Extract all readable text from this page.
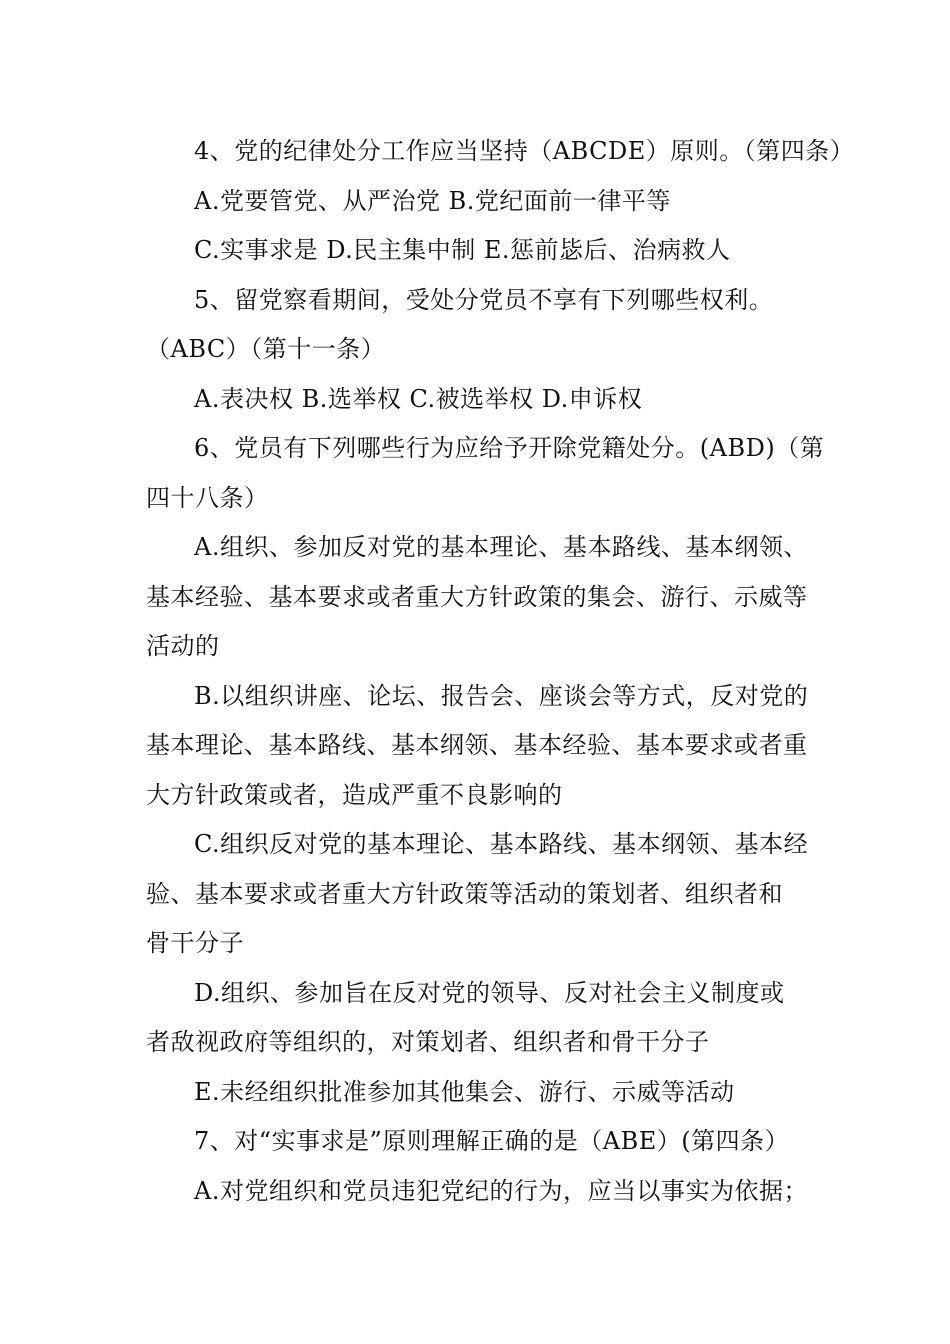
4、党的纪律处分工作应当坚持（ABCDE）原则。（第四条）
A.党要管党、从严治党 B.党纪面前一律平等
C.实事求是 D.民主集中制 E.惩前毖后、治病救人
5、留党察看期间，受处分党员不享有下列哪些权利。
（ABC）（第十一条）
A.表决权 B.选举权 C.被选举权 D.申诉权
6、党员有下列哪些行为应给予开除党籍处分。(ABD)（第
四十八条）
A.组织、参加反对党的基本理论、基本路线、基本纲领、
基本经验、基本要求或者重大方针政策的集会、游行、示威等
活动的
B.以组织讲座、论坛、报告会、座谈会等方式，反对党的
基本理论、基本路线、基本纲领、基本经验、基本要求或者重
大方针政策或者，造成严重不良影响的
C.组织反对党的基本理论、基本路线、基本纲领、基本经
验、基本要求或者重大方针政策等活动的策划者、组织者和
骨干分子
D.组织、参加旨在反对党的领导、反对社会主义制度或
者敌视政府等组织的，对策划者、组织者和骨干分子
E.未经组织批准参加其他集会、游行、示威等活动
7、对“实事求是”原则理解正确的是（ABE）(第四条）
A.对党组织和党员违犯党纪的行为，应当以事实为依据；
